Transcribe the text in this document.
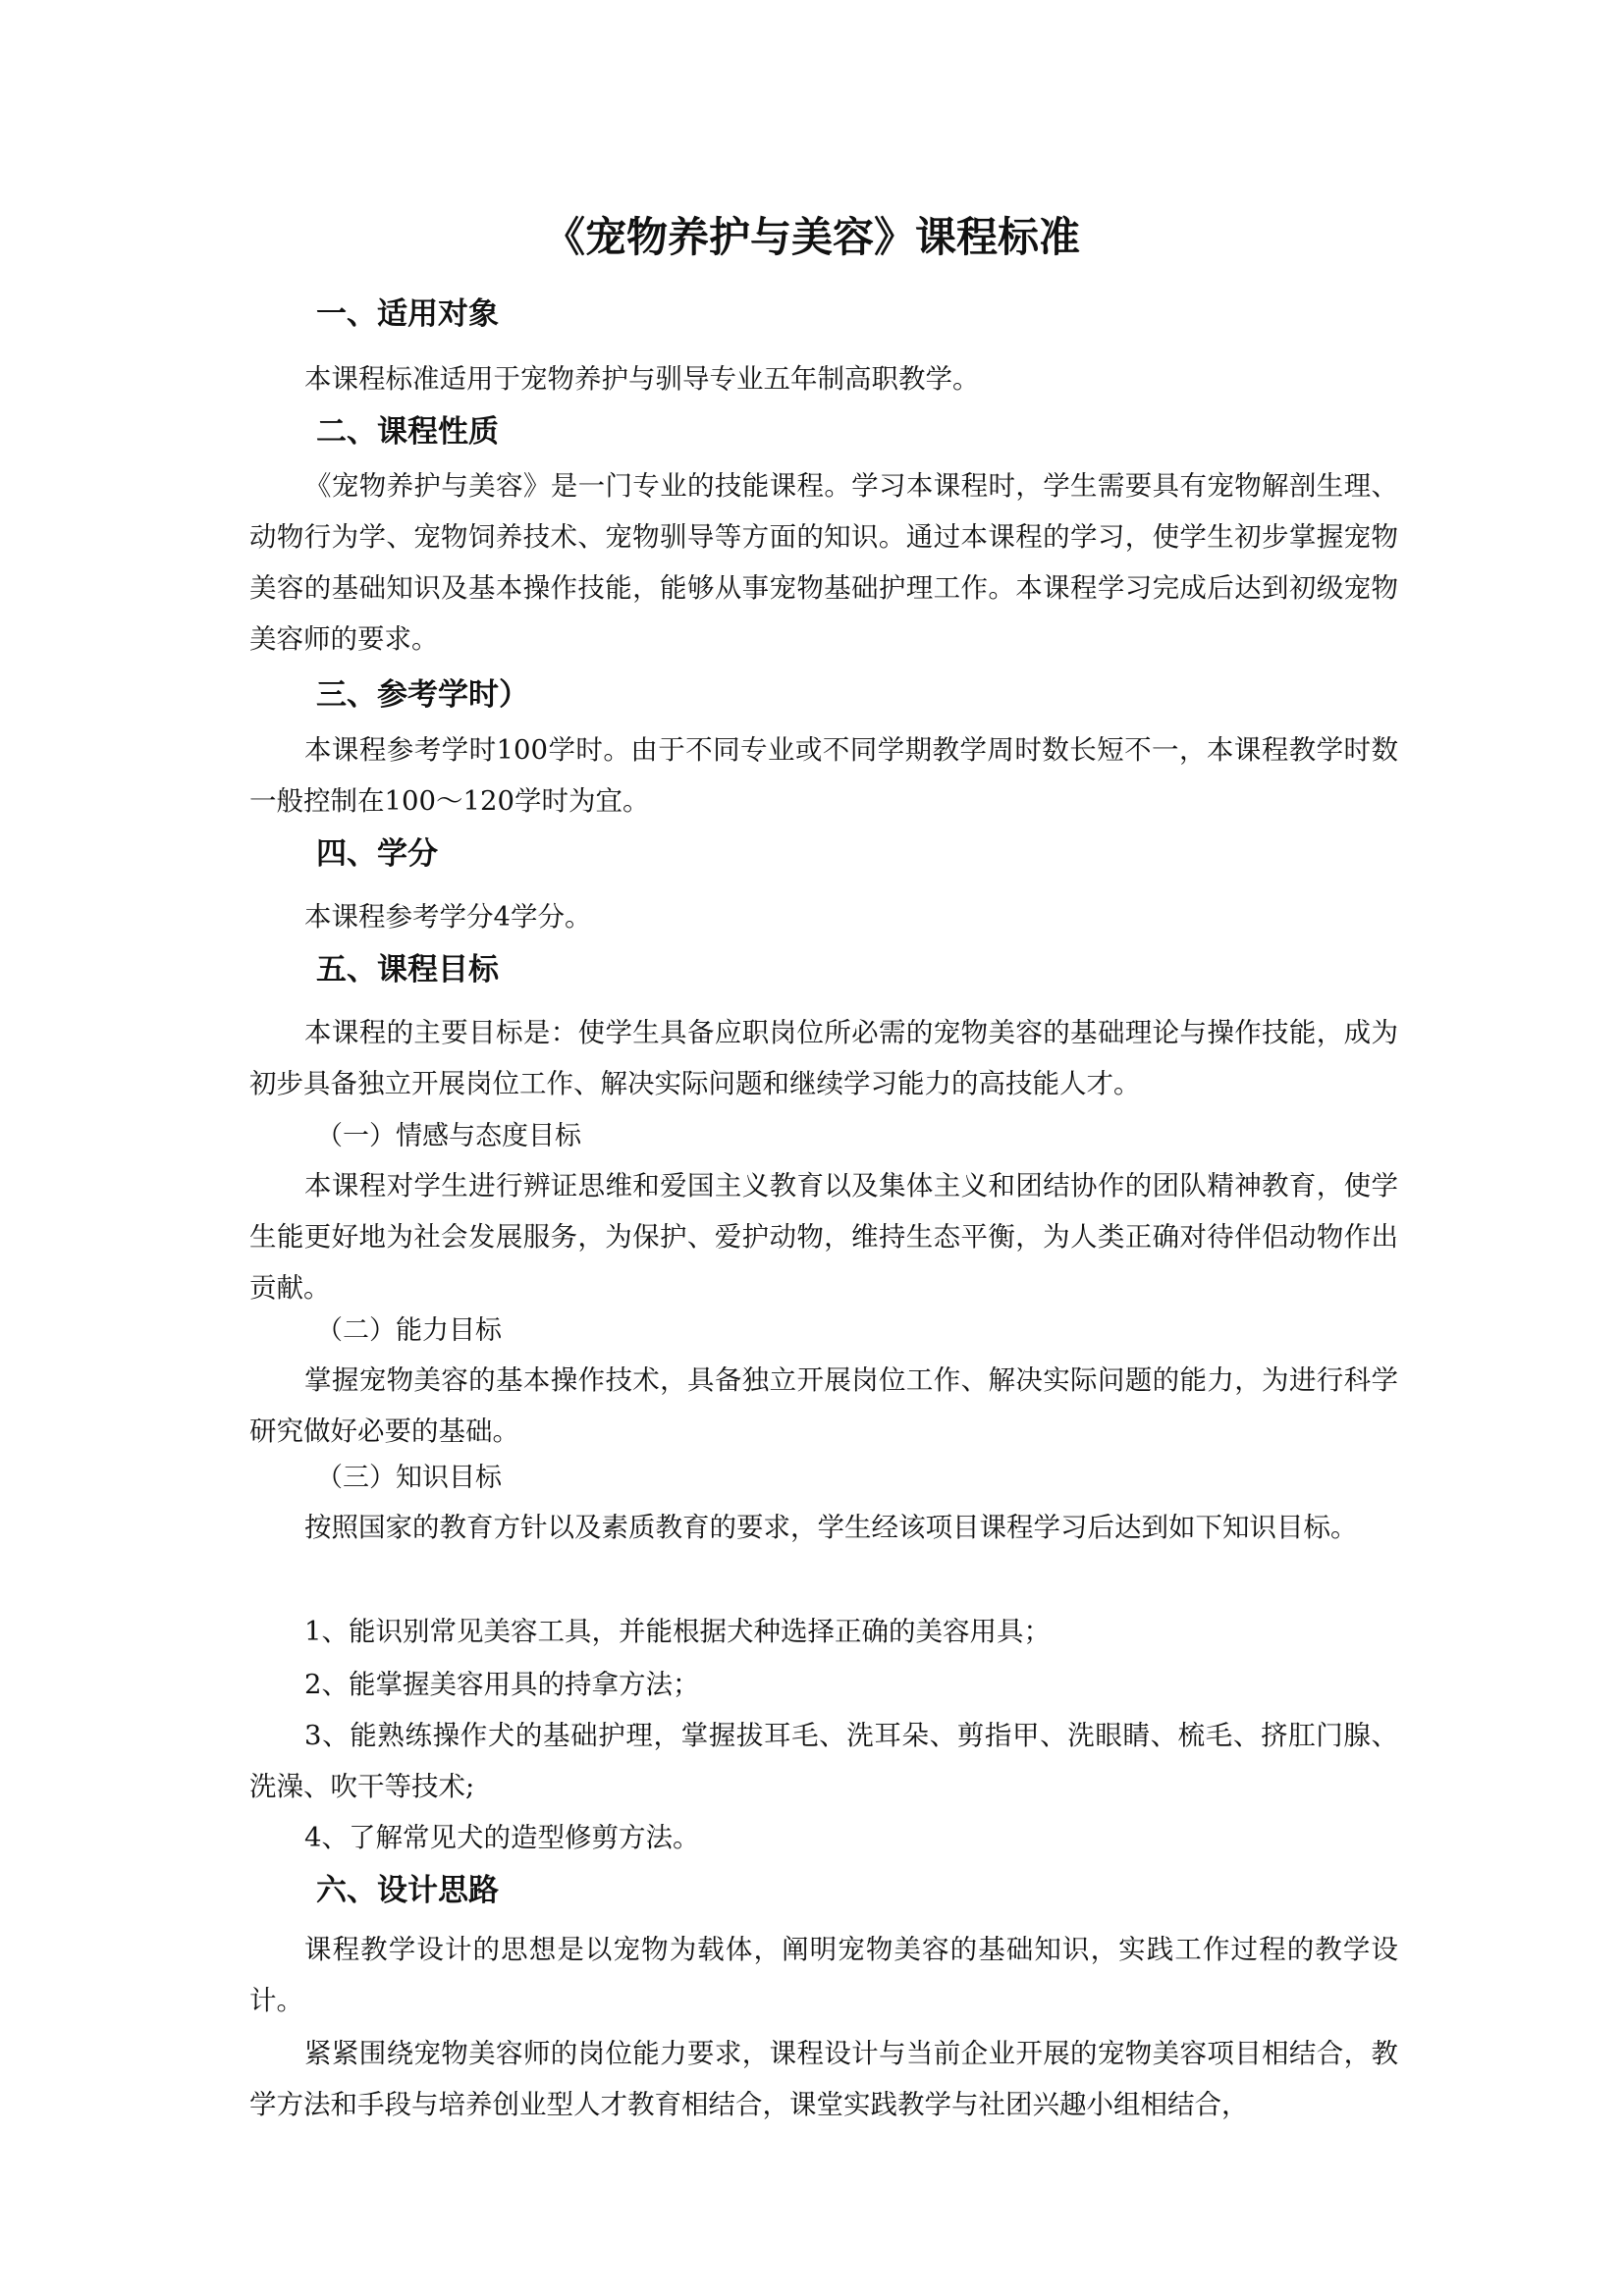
《宠物养护与美容》课程标准
一、适用对象

本课程标准适用于宠物养护与驯导专业五年制高职教学。

二、课程性质

《宠物养护与美容》是一门专业的技能课程。学习本课程时，学生需要具有宠物解剖生理、动物行为学、宠物饲养技术、宠物驯导等方面的知识。通过本课程的学习，使学生初步掌握宠物美容的基础知识及基本操作技能，能够从事宠物基础护理工作。本课程学习完成后达到初级宠物美容师的要求。

三、参考学时）

本课程参考学时100学时。由于不同专业或不同学期教学周时数长短不一，本课程教学时数一般控制在100～120学时为宜。

四、学分

本课程参考学分4学分。

五、课程目标

本课程的主要目标是：使学生具备应职岗位所必需的宠物美容的基础理论与操作技能，成为初步具备独立开展岗位工作、解决实际问题和继续学习能力的高技能人才。

（一）情感与态度目标

本课程对学生进行辨证思维和爱国主义教育以及集体主义和团结协作的团队精神教育，使学生能更好地为社会发展服务，为保护、爱护动物，维持生态平衡，为人类正确对待伴侣动物作出贡献。

（二）能力目标

掌握宠物美容的基本操作技术，具备独立开展岗位工作、解决实际问题的能力，为进行科学研究做好必要的基础。

（三）知识目标

按照国家的教育方针以及素质教育的要求，学生经该项目课程学习后达到如下知识目标。

1、能识别常见美容工具，并能根据犬种选择正确的美容用具；

2、能掌握美容用具的持拿方法；

3、能熟练操作犬的基础护理，掌握拔耳毛、洗耳朵、剪指甲、洗眼睛、梳毛、挤肛门腺、洗澡、吹干等技术;

4、了解常见犬的造型修剪方法。

六、设计思路

课程教学设计的思想是以宠物为载体，阐明宠物美容的基础知识，实践工作过程的教学设计。

紧紧围绕宠物美容师的岗位能力要求，课程设计与当前企业开展的宠物美容项目相结合，教学方法和手段与培养创业型人才教育相结合，课堂实践教学与社团兴趣小组相结合，
